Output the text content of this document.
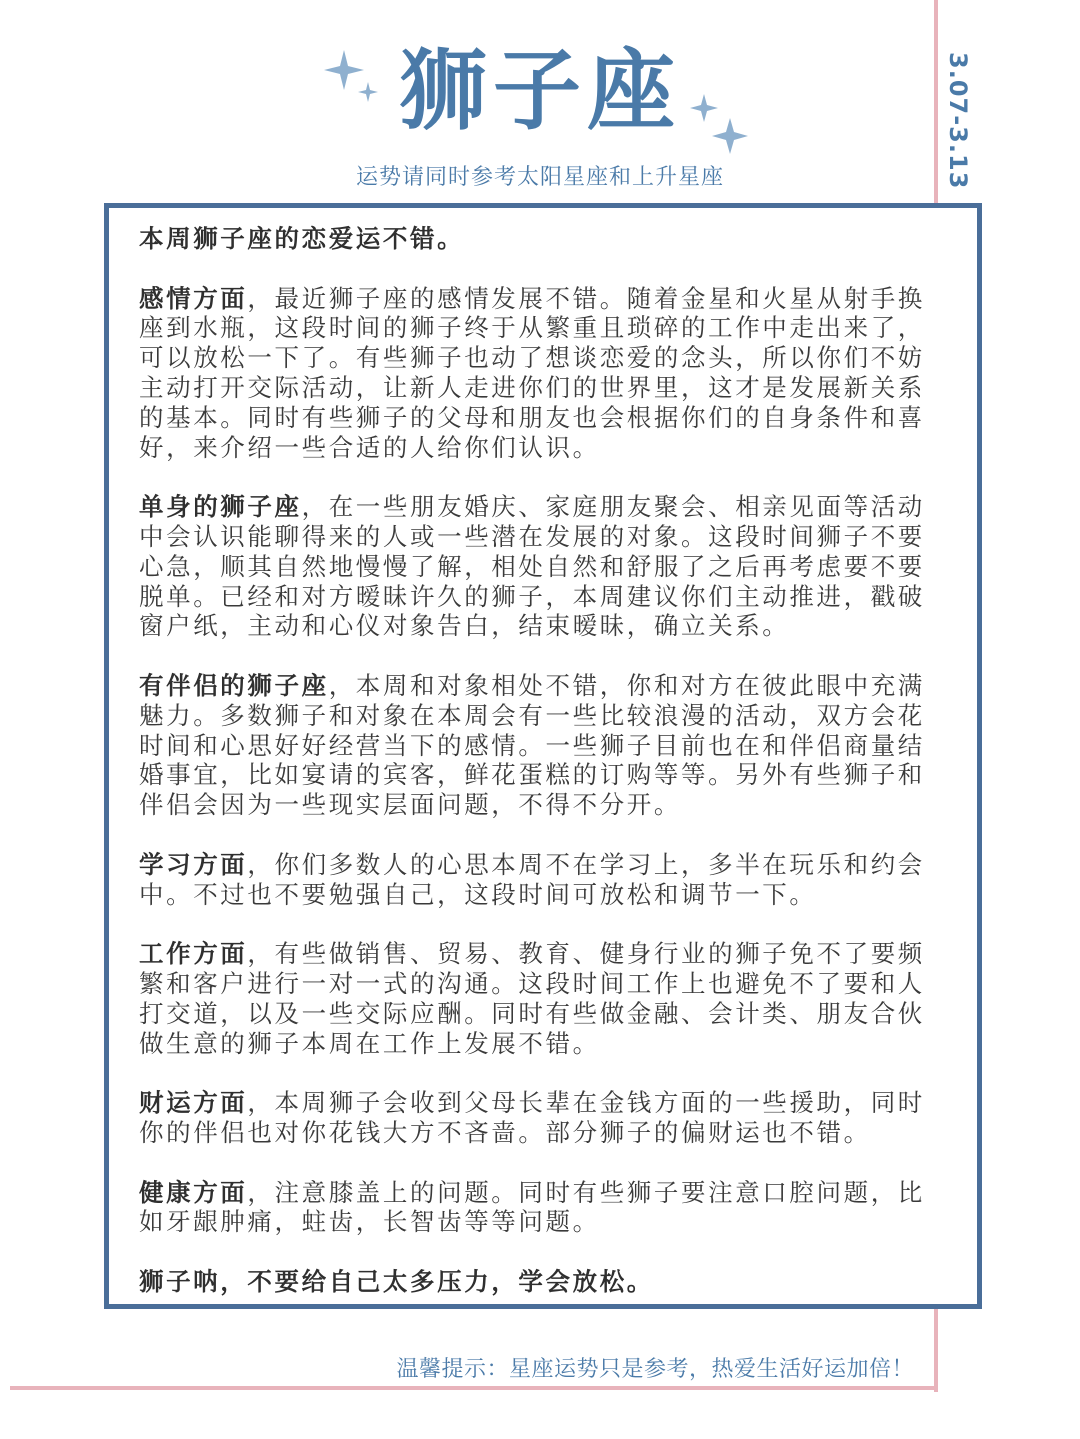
狮子座
运势请同时参考太阳星座和上升星座	3.07-3.13

本周狮子座的恋爱运不错。

感情方面，最近狮子座的感情发展不错。随着金星和火星从射手换座到水瓶，这段时间的狮子终于从繁重且琐碎的工作中走出来了，可以放松一下了。有些狮子也动了想谈恋爱的念头，所以你们不妨主动打开交际活动，让新人走进你们的世界里，这才是发展新关系的基本。同时有些狮子的父母和朋友也会根据你们的自身条件和喜好，来介绍一些合适的人给你们认识。

单身的狮子座，在一些朋友婚庆、家庭朋友聚会、相亲见面等活动中会认识能聊得来的人或一些潜在发展的对象。这段时间狮子不要心急，顺其自然地慢慢了解，相处自然和舒服了之后再考虑要不要脱单。已经和对方暧昧许久的狮子，本周建议你们主动推进，戳破窗户纸，主动和心仪对象告白，结束暧昧，确立关系。

有伴侣的狮子座，本周和对象相处不错，你和对方在彼此眼中充满魅力。多数狮子和对象在本周会有一些比较浪漫的活动，双方会花时间和心思好好经营当下的感情。一些狮子目前也在和伴侣商量结婚事宜，比如宴请的宾客，鲜花蛋糕的订购等等。另外有些狮子和伴侣会因为一些现实层面问题，不得不分开。

学习方面，你们多数人的心思本周不在学习上，多半在玩乐和约会中。不过也不要勉强自己，这段时间可放松和调节一下。

工作方面，有些做销售、贸易、教育、健身行业的狮子免不了要频繁和客户进行一对一式的沟通。这段时间工作上也避免不了要和人打交道，以及一些交际应酬。同时有些做金融、会计类、朋友合伙做生意的狮子本周在工作上发展不错。

财运方面，本周狮子会收到父母长辈在金钱方面的一些援助，同时你的伴侣也对你花钱大方不吝啬。部分狮子的偏财运也不错。

健康方面，注意膝盖上的问题。同时有些狮子要注意口腔问题，比如牙龈肿痛，蛀齿，长智齿等等问题。

狮子呐，不要给自己太多压力，学会放松。

温馨提示：星座运势只是参考，热爱生活好运加倍！
